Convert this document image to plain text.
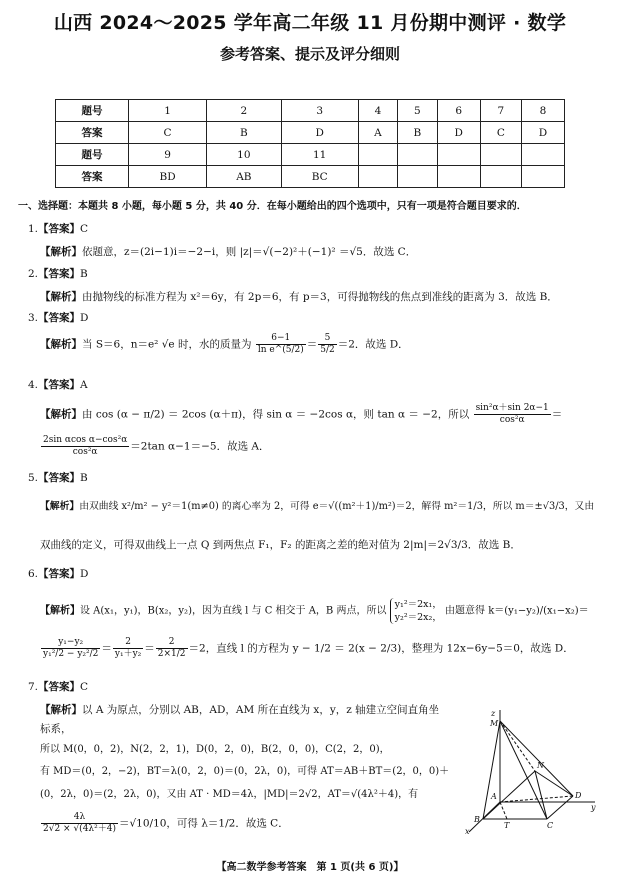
山西 2024～2025 学年高二年级 11 月份期中测评 · 数学
参考答案、提示及评分细则
题号	1	2	3	4	5	6	7	8
答案	C	B	D	A	B	D	C	D
题号	9	10	11					
答案	BD	AB	BC					
一、选择题：本题共 8 小题，每小题 5 分，共 40 分．在每小题给出的四个选项中，只有一项是符合题目要求的．
1.【答案】C
【解析】依题意，z＝(2i−1)i＝−2−i，则 |z|＝√(−2)²＋(−1)² ＝√5．故选 C．
2.【答案】B
【解析】由抛物线的标准方程为 x²＝6y，有 2p＝6，有 p＝3，可得抛物线的焦点到准线的距离为 3．故选 B．
3.【答案】D
【解析】当 S＝6，n＝e² √e 时，水的质量为 $\frac{6-1}{\text{ln e\textasciicircum{}(5/2)}} = \frac{5}{5/2} =2$．故选 D．
4.【答案】A
【解析】由 cos (α − π/2) ＝ 2cos (α＋π)，得 sin α ＝ −2cos α，则 tan α ＝ −2，所以 $\frac{\text{sin²α＋sin 2α−1}}{\text{cos²α}}$ ＝
$\frac{\text{2sin αcos α−cos²α}}{\text{cos²α}} =2\tan$ α−1＝−5．故选 A．
5.【答案】B
【解析】由双曲线 x²/m² − y²＝1(m≠0) 的离心率为 2，可得 e＝√((m²＋1)/m²)＝2，解得 m²＝1/3，所以 m＝±√3/3，又由
双曲线的定义，可得双曲线上一点 Q 到两焦点 F₁，F₂ 的距离之差的绝对值为 2|m|＝2√3/3．故选 B．
6.【答案】D
【解析】设 A(x₁，y₁)，B(x₂，y₂)，因为直线 l 与 C 相交于 A，B 两点，所以
y₁²＝2x₁，
y₂²＝2x₂，
由题意得 k＝(y₁−y₂)/(x₁−x₂)＝
$\frac{\text{y₁−y₂}}{\text{y₁²/2 − y₂²/2}} = \frac{2}{\text{y₁＋y₂}} = \frac{2}{2\times 1/2} =2$，直线 l 的方程为 y − 1/2 ＝ 2(x − 2/3)，整理为 12x−6y−5＝0，故选 D．
7.【答案】C
【解析】以 A 为原点，分别以 AB，AD，AM 所在直线为 x，y，z 轴建立空间直角坐
标系，
所以 M(0，0，2)，N(2，2，1)，D(0，2，0)，B(2，0，0)，C(2，2，0)，
有 MD＝(0，2，−2)，BT＝λ(0，2，0)＝(0，2λ，0)，可得 AT＝AB＋BT＝(2，0，0)＋
(0，2λ，0)＝(2，2λ，0)，又由 AT · MD＝4λ，|MD|＝2√2，AT＝√(4λ²＋4)，有
$\frac{4\lambda}{\text{2√2 × √(4λ²＋4)}} =√10/10$，可得 λ＝1/2．故选 C．
z
M
N
A	D
y
B
x
T	C
【高二数学参考答案　第 1 页(共 6 页)】
